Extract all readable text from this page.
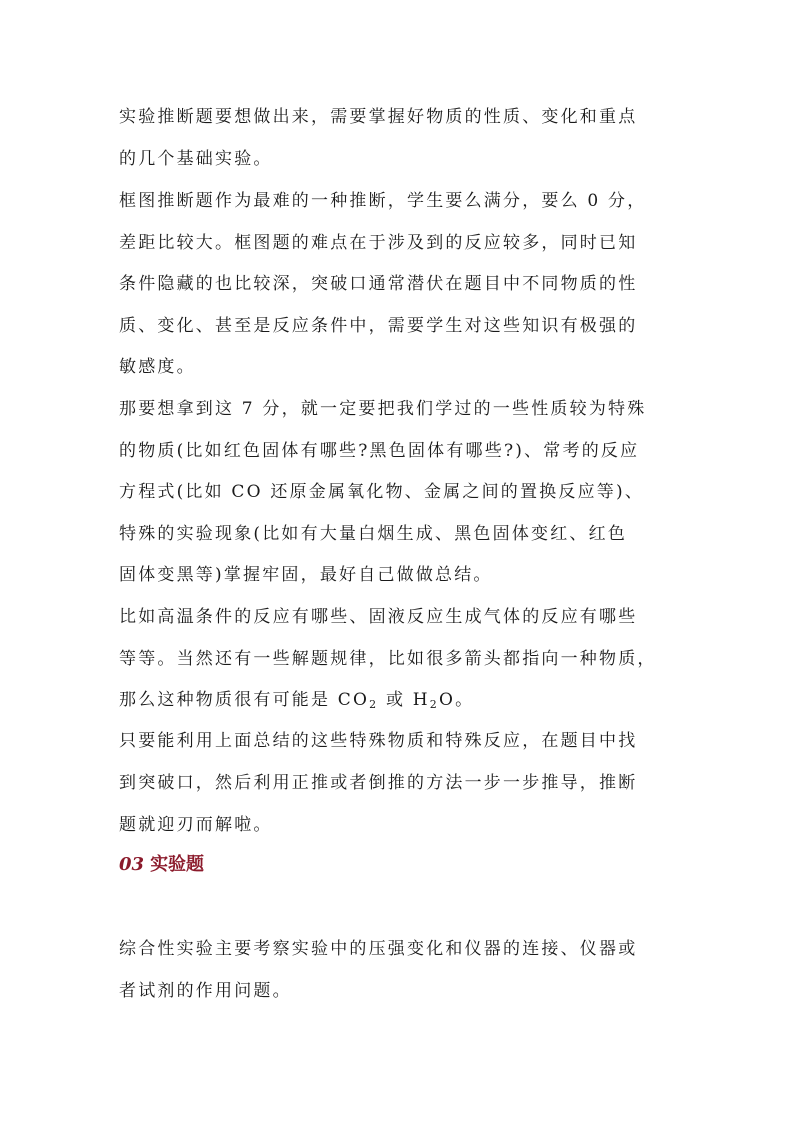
实验推断题要想做出来，需要掌握好物质的性质、变化和重点
的几个基础实验。
框图推断题作为最难的一种推断，学生要么满分，要么 0 分，
差距比较大。框图题的难点在于涉及到的反应较多，同时已知
条件隐藏的也比较深，突破口通常潜伏在题目中不同物质的性
质、变化、甚至是反应条件中，需要学生对这些知识有极强的
敏感度。
那要想拿到这 7 分，就一定要把我们学过的一些性质较为特殊
的物质(比如红色固体有哪些?黑色固体有哪些?)、常考的反应
方程式(比如 CO 还原金属氧化物、金属之间的置换反应等)、
特殊的实验现象(比如有大量白烟生成、黑色固体变红、红色
固体变黑等)掌握牢固，最好自己做做总结。
比如高温条件的反应有哪些、固液反应生成气体的反应有哪些
等等。当然还有一些解题规律，比如很多箭头都指向一种物质，
那么这种物质很有可能是 $CO_2$ 或 $H_2O$。
只要能利用上面总结的这些特殊物质和特殊反应，在题目中找
到突破口，然后利用正推或者倒推的方法一步一步推导，推断
题就迎刃而解啦。
03 实验题
综合性实验主要考察实验中的压强变化和仪器的连接、仪器或
者试剂的作用问题。
